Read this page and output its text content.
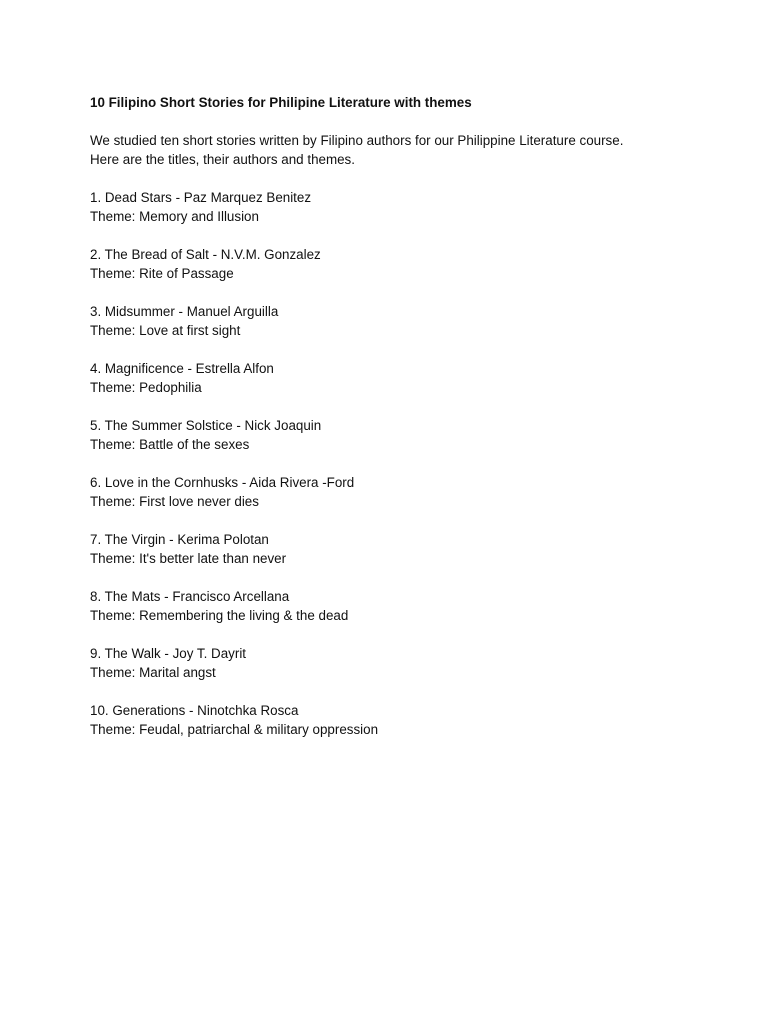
10 Filipino Short Stories for Philipine Literature with themes
We studied ten short stories written by Filipino authors for our Philippine Literature course.
Here are the titles, their authors and themes.
1. Dead Stars - Paz Marquez Benitez
Theme: Memory and Illusion
2. The Bread of Salt - N.V.M. Gonzalez
Theme: Rite of Passage
3. Midsummer - Manuel Arguilla
Theme: Love at first sight
4. Magnificence - Estrella Alfon
Theme: Pedophilia
5. The Summer Solstice - Nick Joaquin
Theme: Battle of the sexes
6. Love in the Cornhusks - Aida Rivera -Ford
Theme: First love never dies
7. The Virgin - Kerima Polotan
Theme: It's better late than never
8. The Mats - Francisco Arcellana
Theme: Remembering the living & the dead
9. The Walk - Joy T. Dayrit
Theme: Marital angst
10. Generations - Ninotchka Rosca
Theme: Feudal, patriarchal & military oppression
